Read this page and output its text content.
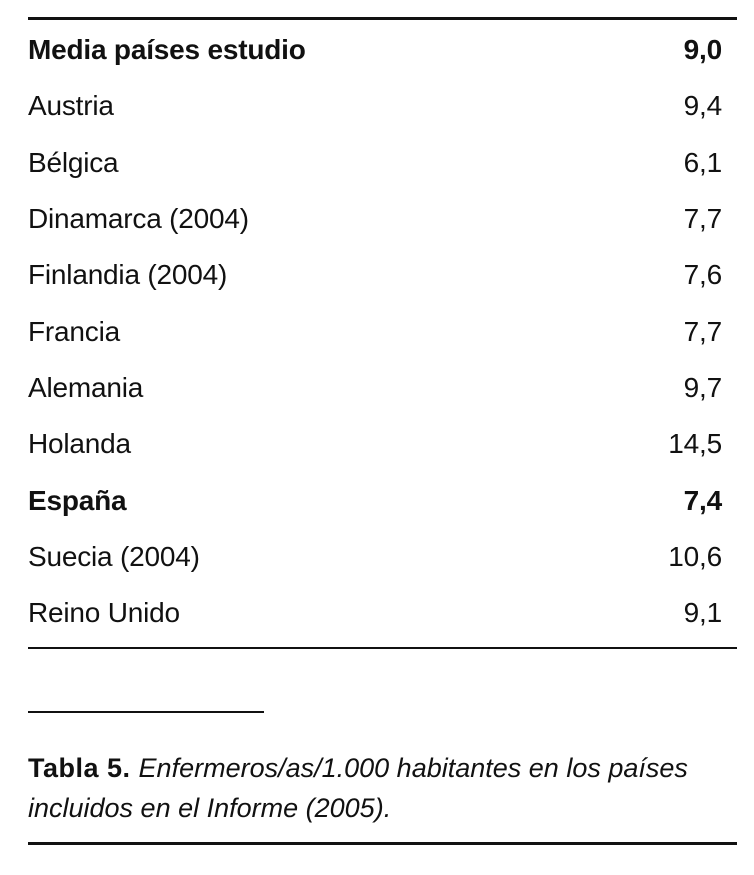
Media países estudio	9,0
Austria	9,4
Bélgica	6,1
Dinamarca (2004)	7,7
Finlandia (2004)	7,6
Francia	7,7
Alemania	9,7
Holanda	14,5
España	7,4
Suecia (2004)	10,6
Reino Unido	9,1
Tabla 5. Enfermeros/as/1.000 habitantes en los países incluidos en el Informe (2005).
